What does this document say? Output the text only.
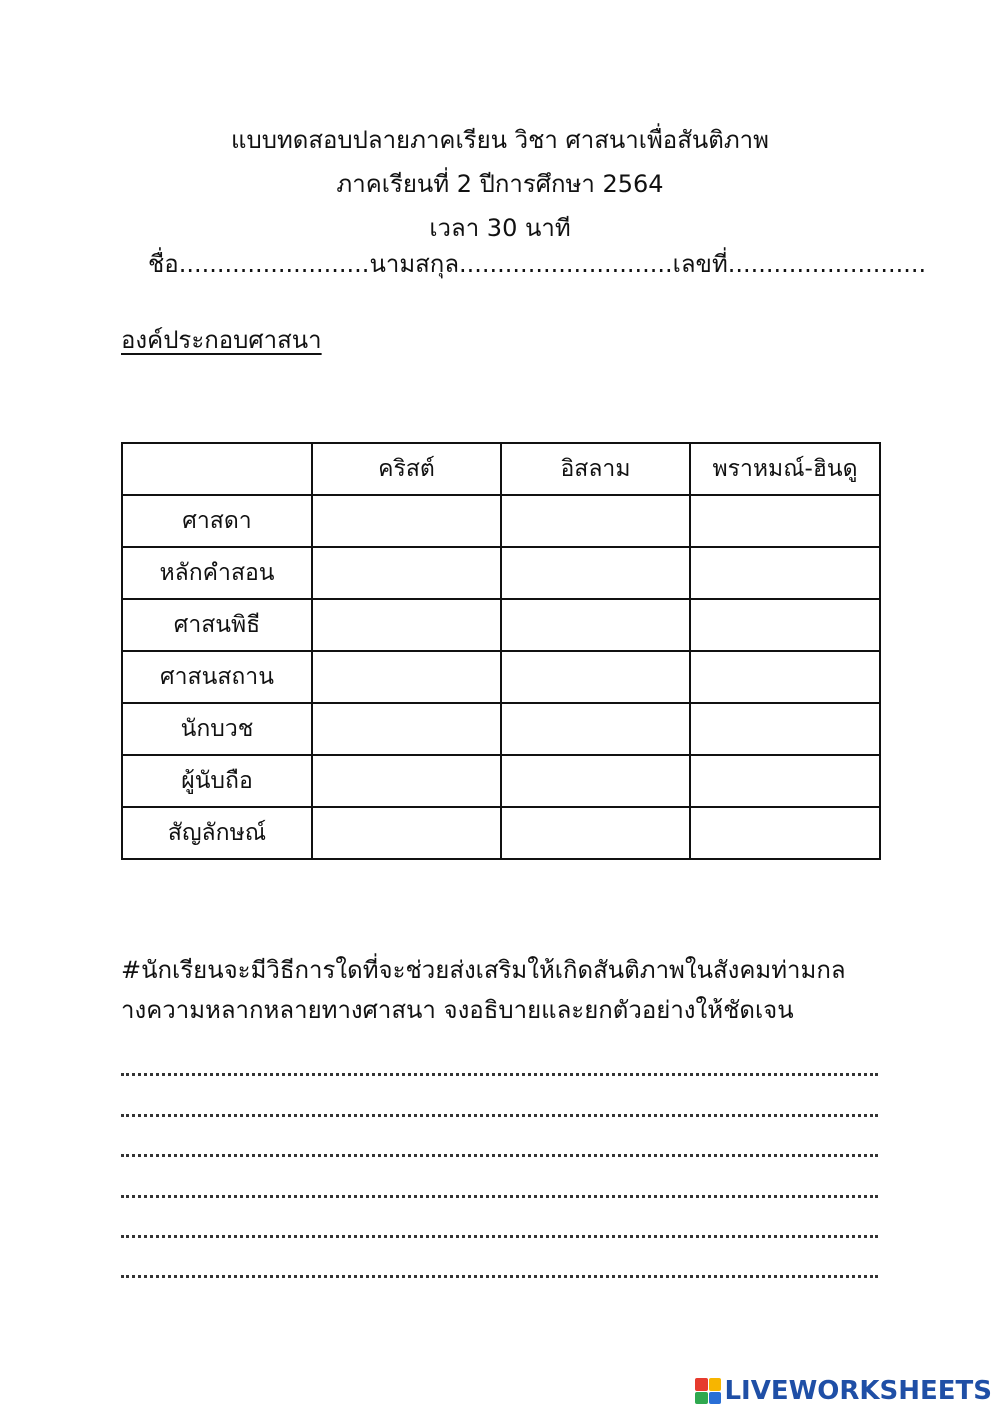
แบบทดสอบปลายภาคเรียน วิชา ศาสนาเพื่อสันติภาพ
ภาคเรียนที่ 2 ปีการศึกษา 2564
เวลา 30 นาที
ชื่อ.........................นามสกุล............................เลขที่..........................
องค์ประกอบศาสนา
	คริสต์	อิสลาม	พราหมณ์-ฮินดู
ศาสดา			
หลักคำสอน			
ศาสนพิธี			
ศาสนสถาน			
นักบวช			
ผู้นับถือ			
สัญลักษณ์			
#นักเรียนจะมีวิธีการใดที่จะช่วยส่งเสริมให้เกิดสันติภาพในสังคมท่ามกล
างความหลากหลายทางศาสนา จงอธิบายและยกตัวอย่างให้ชัดเจน
LIVEWORKSHEETS
